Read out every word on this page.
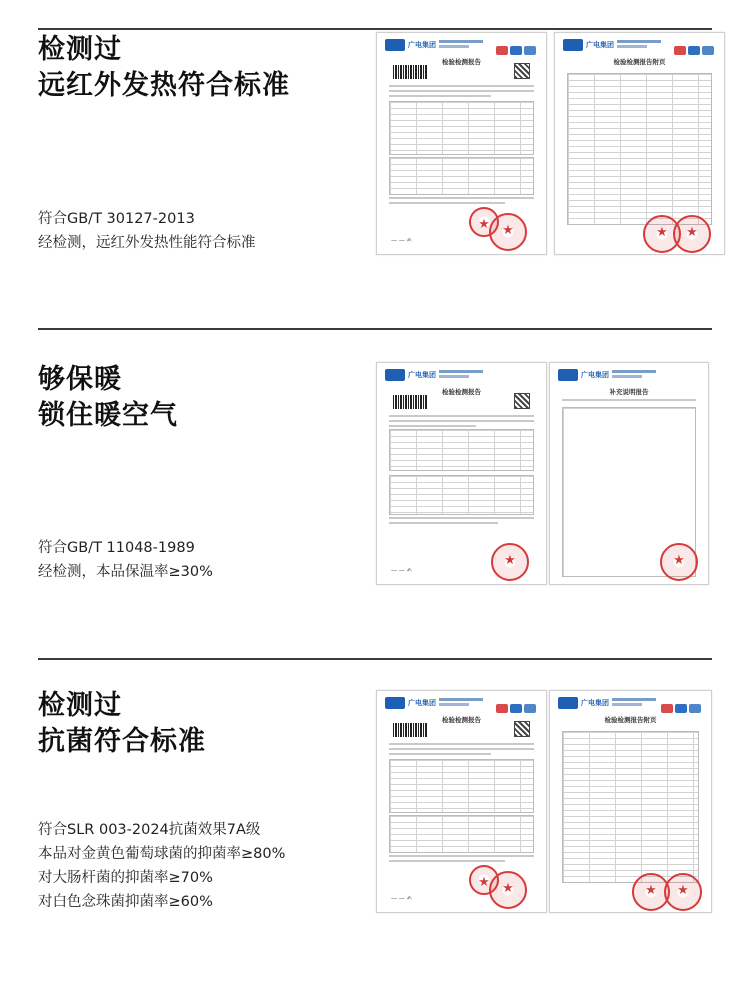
检测过
远红外发热符合标准
符合GB/T 30127-2013
经检测，远红外发热性能符合标准
广电集团
检验检测报告
★
★
— — ✍
广电集团
检验检测报告附页
★
★
够保暖
锁住暖空气
符合GB/T 11048-1989
经检测，本品保温率≥30%
广电集团
检验检测报告
★
— — ✍
广电集团
补充说明报告
★
检测过
抗菌符合标准
符合SLR 003-2024抗菌效果7A级
本品对金黄色葡萄球菌的抑菌率≥80%
对大肠杆菌的抑菌率≥70%
对白色念珠菌抑菌率≥60%
广电集团
检验检测报告
★
★
— — ✍
广电集团
检验检测报告附页
★
★
